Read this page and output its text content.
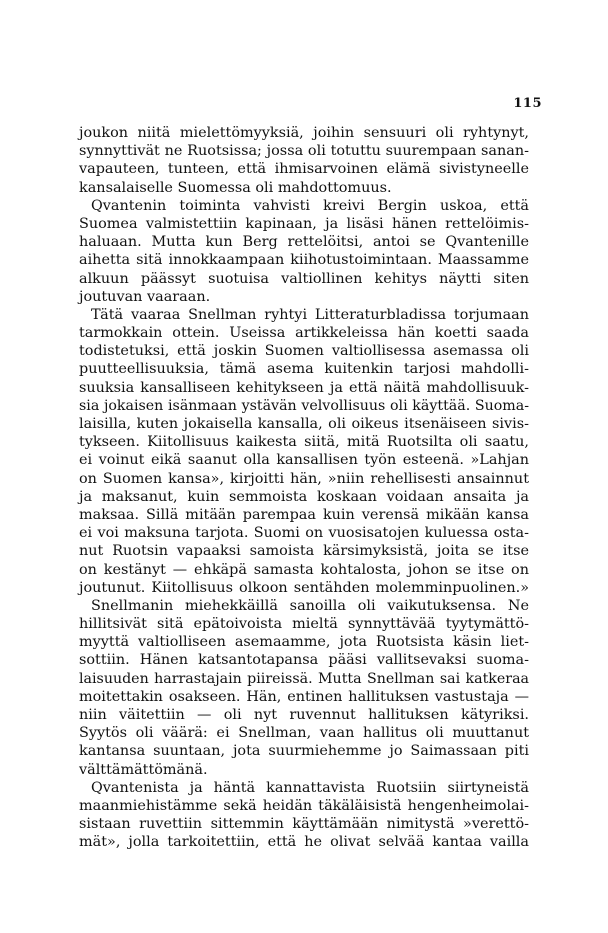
115
joukon niitä mielettömyyksiä, joihin sensuuri oli ryhtynyt,
synnyttivät ne Ruotsissa; jossa oli totuttu suurempaan sanan-
vapauteen, tunteen, että ihmisarvoinen elämä sivistyneelle
kansalaiselle Suomessa oli mahdottomuus.
Qvantenin toiminta vahvisti kreivi Bergin uskoa, että
Suomea valmistettiin kapinaan, ja lisäsi hänen rettelöimis-
haluaan. Mutta kun Berg rettelöitsi, antoi se Qvantenille
aihetta sitä innokkaampaan kiihotustoimintaan. Maassamme
alkuun päässyt suotuisa valtiollinen kehitys näytti siten
joutuvan vaaraan.
Tätä vaaraa Snellman ryhtyi Litteraturbladissa torjumaan
tarmokkain ottein. Useissa artikkeleissa hän koetti saada
todistetuksi, että joskin Suomen valtiollisessa asemassa oli
puutteellisuuksia, tämä asema kuitenkin tarjosi mahdolli-
suuksia kansalliseen kehitykseen ja että näitä mahdollisuuk-
sia jokaisen isänmaan ystävän velvollisuus oli käyttää. Suoma-
laisilla, kuten jokaisella kansalla, oli oikeus itsenäiseen sivis-
tykseen. Kiitollisuus kaikesta siitä, mitä Ruotsilta oli saatu,
ei voinut eikä saanut olla kansallisen työn esteenä. »Lahjan
on Suomen kansa», kirjoitti hän, »niin rehellisesti ansainnut
ja maksanut, kuin semmoista koskaan voidaan ansaita ja
maksaa. Sillä mitään parempaa kuin verensä mikään kansa
ei voi maksuna tarjota. Suomi on vuosisatojen kuluessa osta-
nut Ruotsin vapaaksi samoista kärsimyksistä, joita se itse
on kestänyt — ehkäpä samasta kohtalosta, johon se itse on
joutunut. Kiitollisuus olkoon sentähden molemminpuolinen.»
Snellmanin miehekkäillä sanoilla oli vaikutuksensa. Ne
hillitsivät sitä epätoivoista mieltä synnyttävää tyytymättö-
myyttä valtiolliseen asemaamme, jota Ruotsista käsin liet-
sottiin. Hänen katsantotapansa pääsi vallitsevaksi suoma-
laisuuden harrastajain piireissä. Mutta Snellman sai katkeraa
moitettakin osakseen. Hän, entinen hallituksen vastustaja —
niin väitettiin — oli nyt ruvennut hallituksen kätyriksi.
Syytös oli väärä: ei Snellman, vaan hallitus oli muuttanut
kantansa suuntaan, jota suurmiehemme jo Saimassaan piti
välttämättömänä.
Qvantenista ja häntä kannattavista Ruotsiin siirtyneistä
maanmiehistämme sekä heidän täkäläisistä hengenheimolai-
sistaan ruvettiin sittemmin käyttämään nimitystä »verettö-
mät», jolla tarkoitettiin, että he olivat selvää kantaa vailla
